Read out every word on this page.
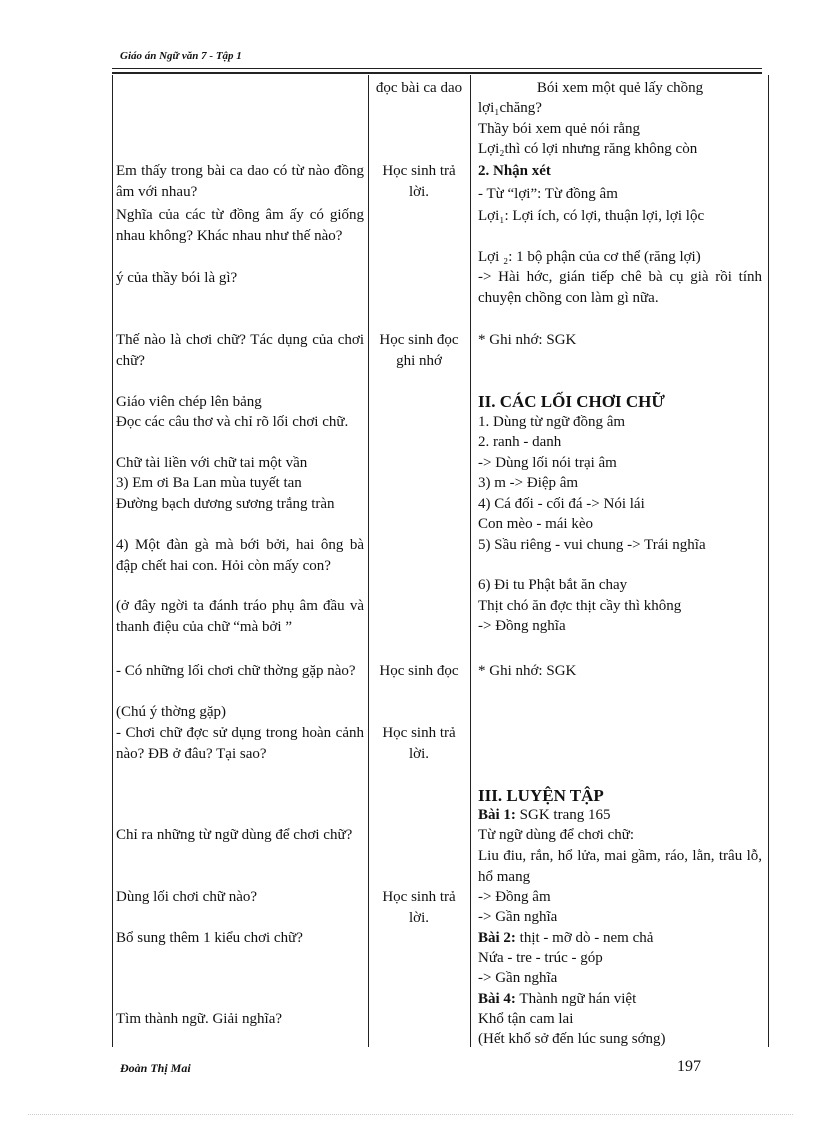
Giáo án Ngữ văn 7 - Tập 1
đọc bài ca dao	Bói xem một quẻ lấy chồng
lợi₁chăng?
Thầy bói xem quẻ nói rằng
Lợi₂thì có lợi nhưng răng không còn
Em thấy trong bài ca dao có từ nào đồng âm với nhau?
Nghĩa của các từ đồng âm ấy có giống nhau không? Khác nhau như thế nào?
ý của thầy bói là gì?
Học sinh trả lời.
2. Nhận xét
- Từ “lợi”: Từ đồng âm
Lợi₁: Lợi ích, có lợi, thuận lợi, lợi lộc
Lợi ₂: 1 bộ phận của cơ thể (răng lợi)
-> Hài hớc, gián tiếp chê bà cụ già rồi tính chuyện chồng con làm gì nữa.
Thế nào là chơi chữ? Tác dụng của chơi chữ?
Học sinh đọc ghi nhớ
* Ghi nhớ: SGK
Giáo viên chép lên bảng
Đọc các câu thơ và chỉ rõ lối chơi chữ.
Chữ tài liền với chữ tai một vần
3) Em ơi Ba Lan mùa tuyết tan
Đường bạch dương sương trắng tràn
4) Một đàn gà mà bới bởi, hai ông bà đập chết hai con. Hỏi còn mấy con?
(ở đây ngời ta đánh tráo phụ âm đầu và thanh điệu của chữ “mà bởi ”
II. CÁC LỐI CHƠI CHỮ
1. Dùng từ ngữ đồng âm
2. ranh - danh
-> Dùng lối nói trại âm
3) m -> Điệp âm
4) Cá đối - cối đá -> Nói lái
Con mèo - mái kèo
5) Sầu riêng - vui chung -> Trái nghĩa
6) Đi tu Phật bắt ăn chay
Thịt chó ăn đợc thịt cầy thì không
-> Đồng nghĩa
- Có những lối chơi chữ thờng gặp nào?
(Chú ý thờng gặp)
- Chơi chữ đợc sử dụng trong hoàn cảnh nào? ĐB ở đâu? Tại sao?
Học sinh đọc
Học sinh trả lời.
* Ghi nhớ: SGK
III. LUYỆN TẬP
Bài 1: SGK trang 165
Từ ngữ dùng để chơi chữ:
Liu điu, rắn, hổ lửa, mai gầm, ráo, lằn, trâu lỗ, hổ mang
-> Đồng âm
-> Gần nghĩa
Bài 2: thịt - mỡ dò - nem chả
Nứa - tre - trúc - góp
-> Gần nghĩa
Bài 4: Thành ngữ hán việt
Khổ tận cam lai
(Hết khổ sở đến lúc sung sớng)
Chỉ ra những từ ngữ dùng để chơi chữ?
Dùng lối chơi chữ nào?
Bổ sung thêm 1 kiểu chơi chữ?
Tìm thành ngữ. Giải nghĩa?
Học sinh trả lời.
Đoàn Thị Mai	197
